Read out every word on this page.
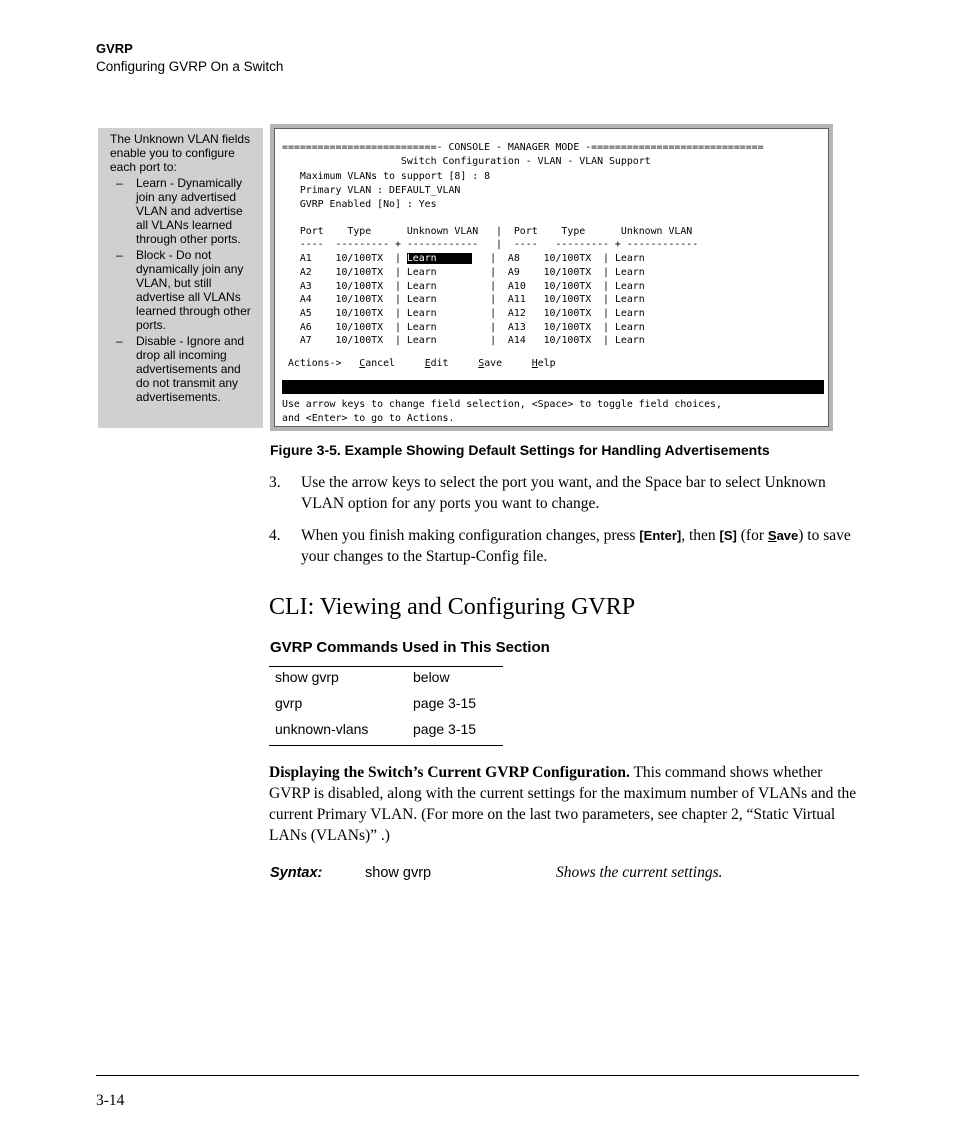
GVRP
Configuring GVRP On a Switch
The Unknown VLAN fields enable you to configure each port to:
– Learn - Dynamically join any advertised VLAN and advertise all VLANs learned through other ports.
– Block - Do not dynamically join any VLAN, but still advertise all VLANs learned through other ports.
– Disable - Ignore and drop all incoming advertisements and do not transmit any advertisements.
==========================- CONSOLE - MANAGER MODE -=============================
Switch Configuration - VLAN - VLAN Support
Maximum VLANs to support [8] : 8
Primary VLAN : DEFAULT_VLAN
GVRP Enabled [No] : Yes
Port    Type      Unknown VLAN   |  Port    Type      Unknown VLAN
----  --------- + ------------   |  ----   --------- + ------------
A1    10/100TX  | Learn         |  A8    10/100TX  | Learn
A2    10/100TX  | Learn         |  A9    10/100TX  | Learn
A3    10/100TX  | Learn         |  A10   10/100TX  | Learn
A4    10/100TX  | Learn         |  A11   10/100TX  | Learn
A5    10/100TX  | Learn         |  A12   10/100TX  | Learn
A6    10/100TX  | Learn         |  A13   10/100TX  | Learn
A7    10/100TX  | Learn         |  A14   10/100TX  | Learn
Actions-> Cancel	Edit	Save	Help
Use arrow keys to change field selection, <Space> to toggle field choices,
and <Enter> to go to Actions.
Figure 3-5. Example Showing Default Settings for Handling Advertisements
3. Use the arrow keys to select the port you want, and the Space bar to select Unknown VLAN option for any ports you want to change.
4. When you finish making configuration changes, press [Enter], then [S] (for Save) to save your changes to the Startup-Config file.
CLI: Viewing and Configuring GVRP
GVRP Commands Used in This Section
show gvrp	below
gvrp	page 3-15
unknown-vlans	page 3-15
Displaying the Switch’s Current GVRP Configuration. This command shows whether GVRP is disabled, along with the current settings for the maximum number of VLANs and the current Primary VLAN. (For more on the last two parameters, see chapter 2, “Static Virtual LANs (VLANs)” .)
Syntax:	show gvrp	Shows the current settings.
3-14
